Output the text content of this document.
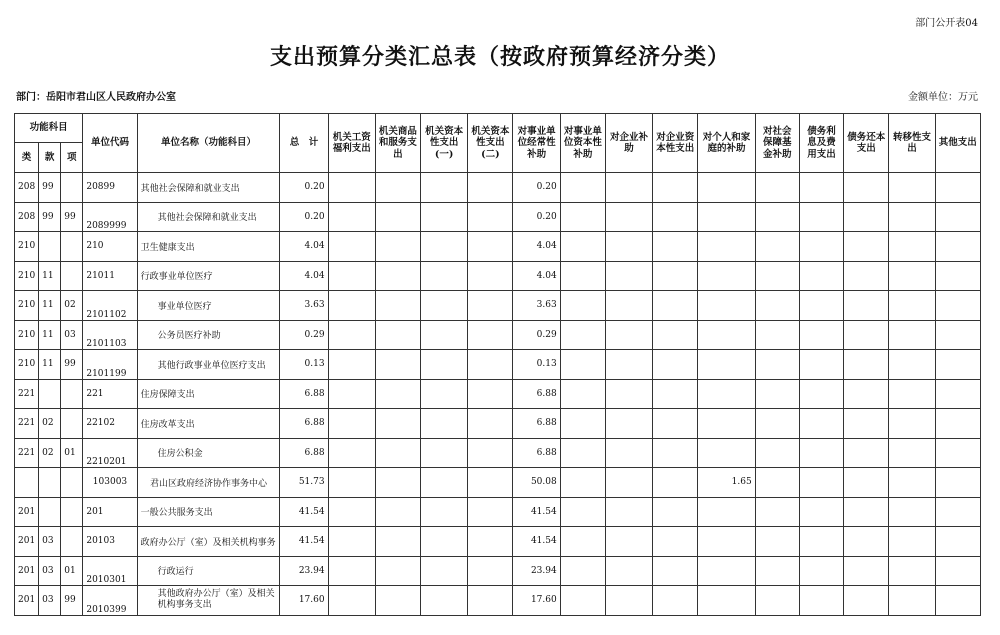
部门公开表04
支出预算分类汇总表（按政府预算经济分类）
部门：岳阳市君山区人民政府办公室	金额单位：万元
功能科目			单位代码	单位名称（功能科目）	总　计	机关工资福利支出	机关商品和服务支出	机关资本性支出(一)	机关资本性支出(二)	对事业单位经常性补助	对事业单位资本性补助	对企业补助	对企业资本性支出	对个人和家庭的补助	对社会保障基金补助	债务利息及费用支出	债务还本支出	转移性支出	其他支出
类	款	项																	
208	99		20899	其他社会保障和就业支出	0.20					0.20									
208	99	99	2089999	其他社会保障和就业支出	0.20					0.20									
210			210	卫生健康支出	4.04					4.04									
210	11		21011	行政事业单位医疗	4.04					4.04									
210	11	02	2101102	事业单位医疗	3.63					3.63									
210	11	03	2101103	公务员医疗补助	0.29					0.29									
210	11	99	2101199	其他行政事业单位医疗支出	0.13					0.13									
221			221	住房保障支出	6.88					6.88									
221	02		22102	住房改革支出	6.88					6.88									
221	02	01	2210201	住房公积金	6.88					6.88									
			103003	君山区政府经济协作事务中心	51.73					50.08				1.65					
201			201	一般公共服务支出	41.54					41.54									
201	03		20103	政府办公厅（室）及相关机构事务	41.54					41.54									
201	03	01	2010301	行政运行	23.94					23.94									
201	03	99	2010399	其他政府办公厅（室）及相关机构事务支出	17.60					17.60									
